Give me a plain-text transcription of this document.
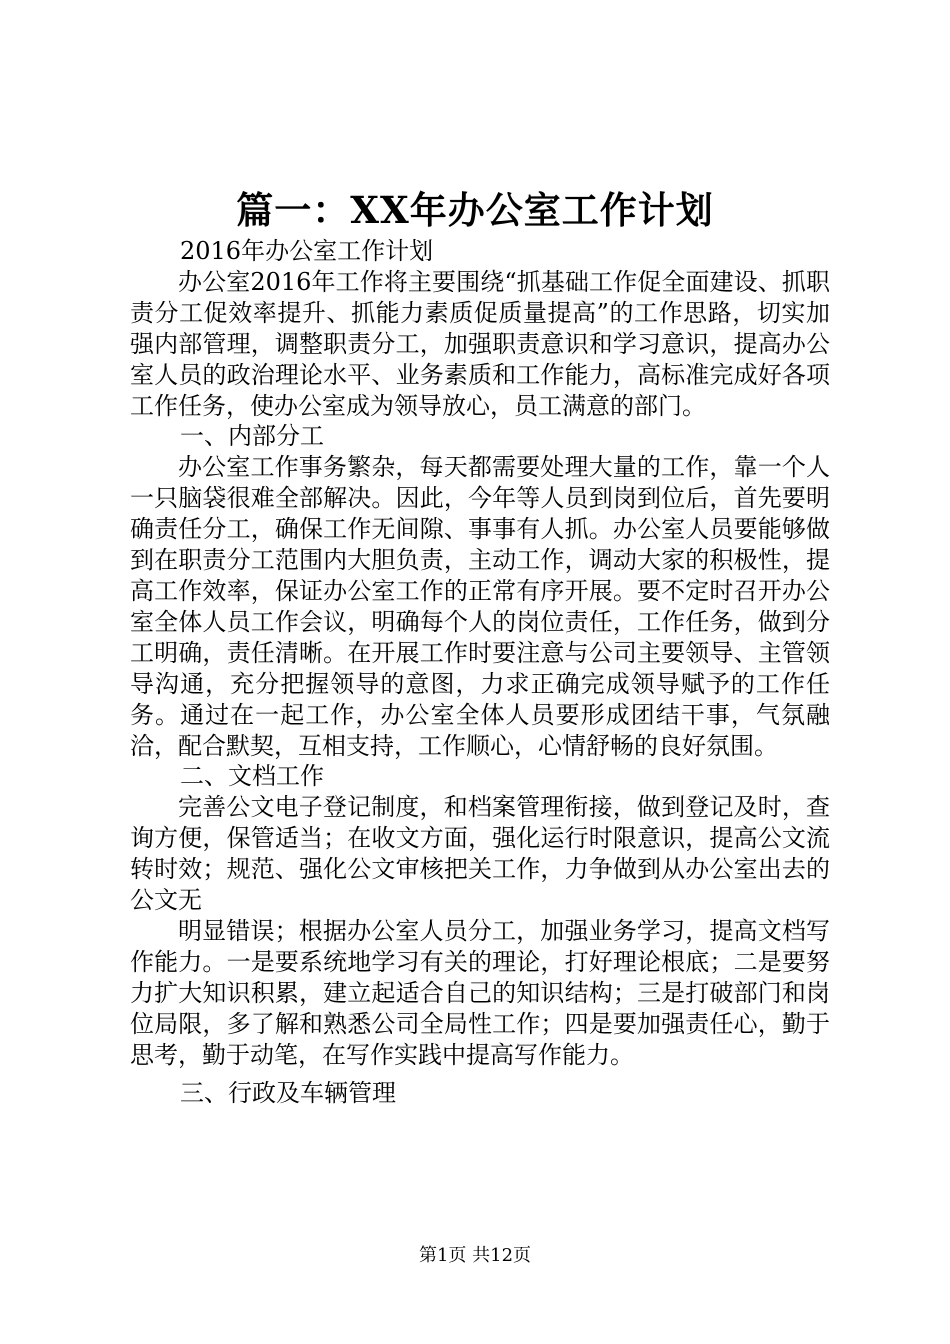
篇一：XX年办公室工作计划

2016年办公室工作计划

办公室2016年工作将主要围绕“抓基础工作促全面建设、抓职责分工促效率提升、抓能力素质促质量提高”的工作思路，切实加强内部管理，调整职责分工，加强职责意识和学习意识，提高办公室人员的政治理论水平、业务素质和工作能力，高标准完成好各项工作任务，使办公室成为领导放心，员工满意的部门。

一、内部分工

办公室工作事务繁杂，每天都需要处理大量的工作，靠一个人一只脑袋很难全部解决。因此，今年等人员到岗到位后，首先要明确责任分工，确保工作无间隙、事事有人抓。办公室人员要能够做到在职责分工范围内大胆负责，主动工作，调动大家的积极性，提高工作效率，保证办公室工作的正常有序开展。要不定时召开办公室全体人员工作会议，明确每个人的岗位责任，工作任务，做到分工明确，责任清晰。在开展工作时要注意与公司主要领导、主管领导沟通，充分把握领导的意图，力求正确完成领导赋予的工作任务。通过在一起工作，办公室全体人员要形成团结干事，气氛融洽，配合默契，互相支持，工作顺心，心情舒畅的良好氛围。

二、文档工作

完善公文电子登记制度，和档案管理衔接，做到登记及时，查询方便，保管适当；在收文方面，强化运行时限意识，提高公文流转时效；规范、强化公文审核把关工作，力争做到从办公室出去的公文无

明显错误；根据办公室人员分工，加强业务学习，提高文档写作能力。一是要系统地学习有关的理论，打好理论根底；二是要努力扩大知识积累，建立起适合自己的知识结构；三是打破部门和岗位局限，多了解和熟悉公司全局性工作；四是要加强责任心，勤于思考，勤于动笔，在写作实践中提高写作能力。

三、行政及车辆管理

第1页 共12页
